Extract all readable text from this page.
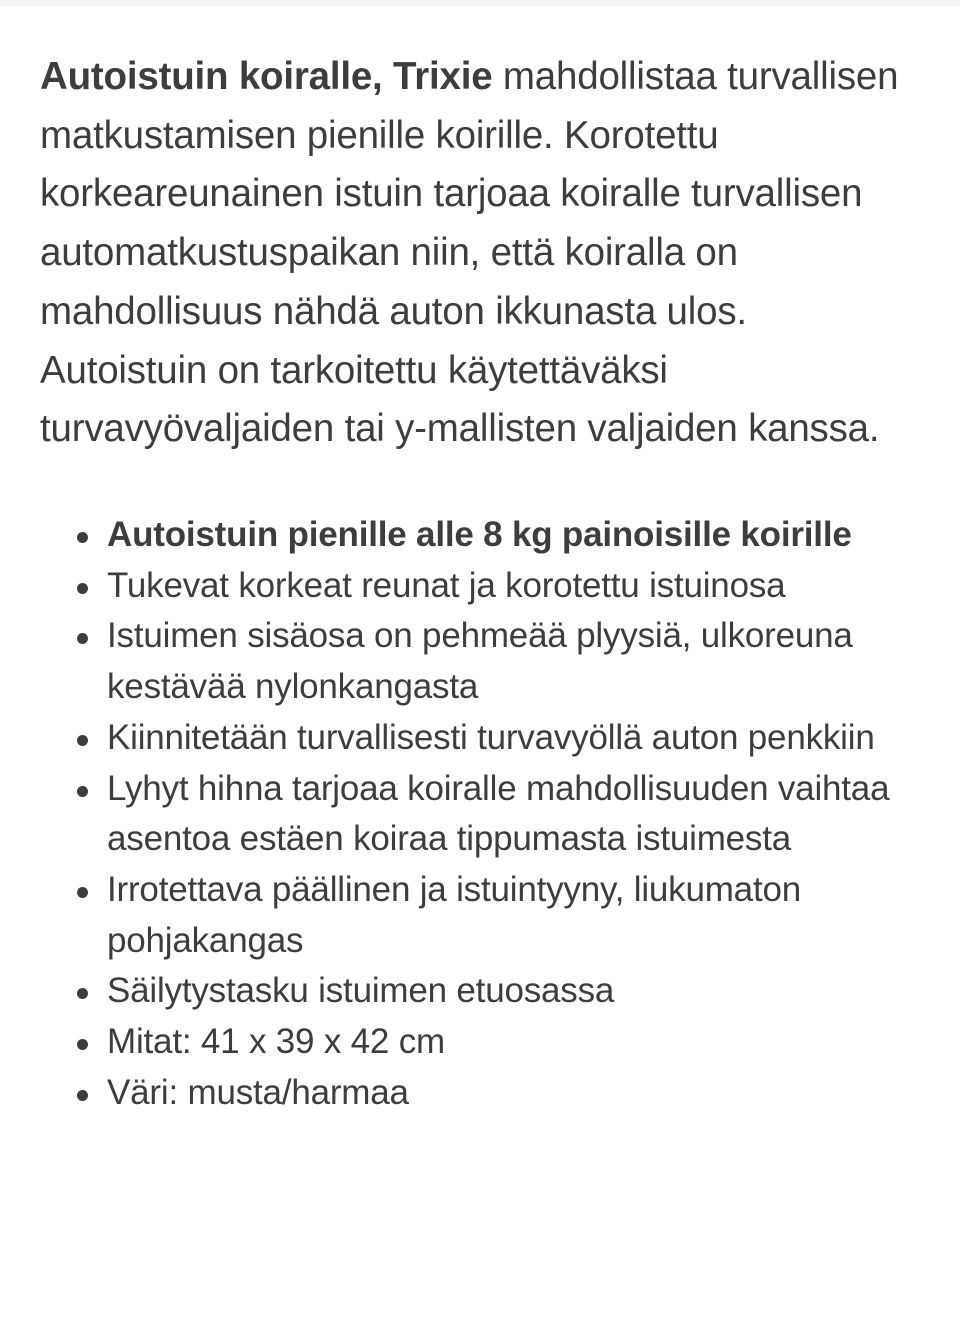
Autoistuin koiralle, Trixie mahdollistaa turvallisen matkustamisen pienille koirille. Korotettu korkeareunainen istuin tarjoaa koiralle turvallisen automatkustuspaikan niin, että koiralla on mahdollisuus nähdä auton ikkunasta ulos. Autoistuin on tarkoitettu käytettäväksi turvavyövaljaiden tai y-mallisten valjaiden kanssa.

Autoistuin pienille alle 8 kg painoisille koirille
Tukevat korkeat reunat ja korotettu istuinosa
Istuimen sisäosa on pehmeää plyysiä, ulkoreuna kestävää nylonkangasta
Kiinnitetään turvallisesti turvavyöllä auton penkkiin
Lyhyt hihna tarjoaa koiralle mahdollisuuden vaihtaa asentoa estäen koiraa tippumasta istuimesta
Irrotettava päällinen ja istuintyyny, liukumaton pohjakangas
Säilytystasku istuimen etuosassa
Mitat: 41 x 39 x 42 cm
Väri: musta/harmaa
